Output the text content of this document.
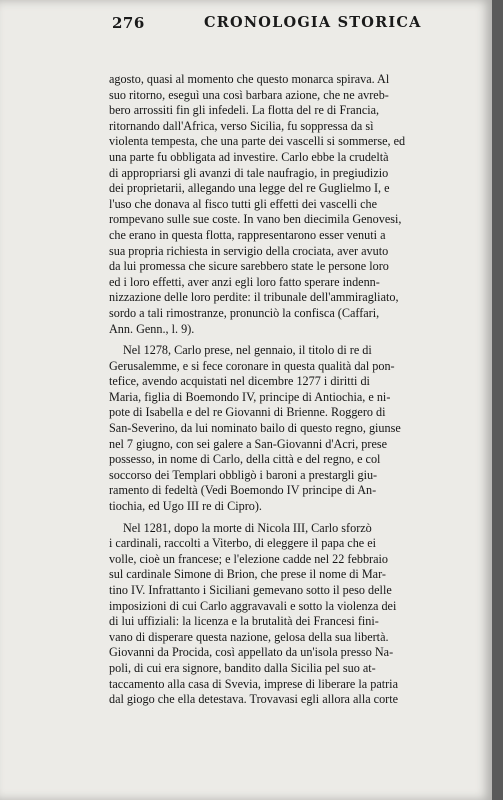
276	CRONOLOGIA STORICA
agosto, quasi al momento che questo monarca spirava. Al
suo ritorno, eseguì una così barbara azione, che ne avreb-
bero arrossiti fin gli infedeli. La flotta del re di Francia,
ritornando dall'Africa, verso Sicilia, fu soppressa da sì
violenta tempesta, che una parte dei vascelli si sommerse, ed
una parte fu obbligata ad investire. Carlo ebbe la crudeltà
di appropriarsi gli avanzi di tale naufragio, in pregiudizio
dei proprietarii, allegando una legge del re Guglielmo I, e
l'uso che donava al fisco tutti gli effetti dei vascelli che
rompevano sulle sue coste. In vano ben diecimila Genovesi,
che erano in questa flotta, rappresentarono esser venuti a
sua propria richiesta in servigio della crociata, aver avuto
da lui promessa che sicure sarebbero state le persone loro
ed i loro effetti, aver anzi egli loro fatto sperare indenn-
nizzazione delle loro perdite: il tribunale dell'ammiragliato,
sordo a tali rimostranze, pronunciò la confisca (Caffari,
Ann. Genn., l. 9).
Nel 1278, Carlo prese, nel gennaio, il titolo di re di
Gerusalemme, e si fece coronare in questa qualità dal pon-
tefice, avendo acquistati nel dicembre 1277 i diritti di
Maria, figlia di Boemondo IV, principe di Antiochia, e ni-
pote di Isabella e del re Giovanni di Brienne. Roggero di
San-Severino, da lui nominato bailo di questo regno, giunse
nel 7 giugno, con sei galere a San-Giovanni d'Acri, prese
possesso, in nome di Carlo, della città e del regno, e col
soccorso dei Templari obbligò i baroni a prestargli giu-
ramento di fedeltà (Vedi Boemondo IV principe di An-
tiochia, ed Ugo III re di Cipro).
Nel 1281, dopo la morte di Nicola III, Carlo sforzò
i cardinali, raccolti a Viterbo, di eleggere il papa che ei
volle, cioè un francese; e l'elezione cadde nel 22 febbraio
sul cardinale Simone di Brion, che prese il nome di Mar-
tino IV. Infrattanto i Siciliani gemevano sotto il peso delle
imposizioni di cui Carlo aggravavali e sotto la violenza dei
di lui uffiziali: la licenza e la brutalità dei Francesi fini-
vano di disperare questa nazione, gelosa della sua libertà.
Giovanni da Procida, così appellato da un'isola presso Na-
poli, di cui era signore, bandito dalla Sicilia pel suo at-
taccamento alla casa di Svevia, imprese di liberare la patria
dal giogo che ella detestava. Trovavasi egli allora alla corte
